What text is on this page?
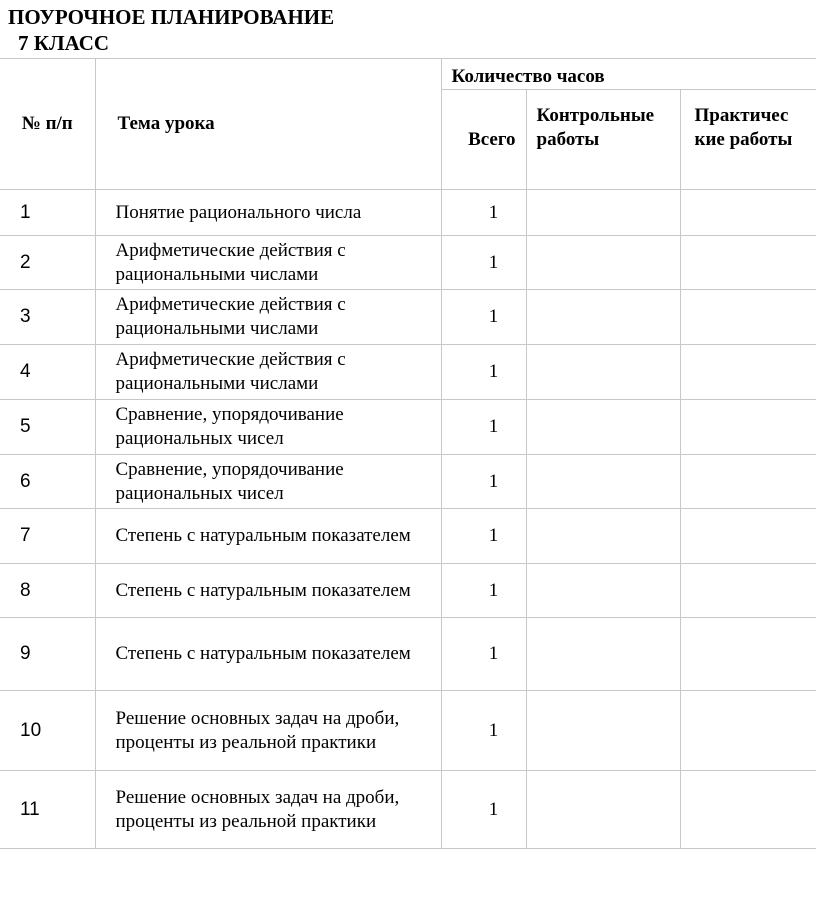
ПОУРОЧНОЕ ПЛАНИРОВАНИЕ
7 КЛАСС
№ п/п	Тема урока	Количество часов		
		Всего	Контрольные работы	Практичес кие работы
1	Понятие рационального числа	1		
2	Арифметические действия с рациональными числами	1		
3	Арифметические действия с рациональными числами	1		
4	Арифметические действия с рациональными числами	1		
5	Сравнение, упорядочивание рациональных чисел	1		
6	Сравнение, упорядочивание рациональных чисел	1		
7	Степень с натуральным показателем	1		
8	Степень с натуральным показателем	1		
9	Степень с натуральным показателем	1		
10	Решение основных задач на дроби, проценты из реальной практики	1		
11	Решение основных задач на дроби, проценты из реальной практики	1		
